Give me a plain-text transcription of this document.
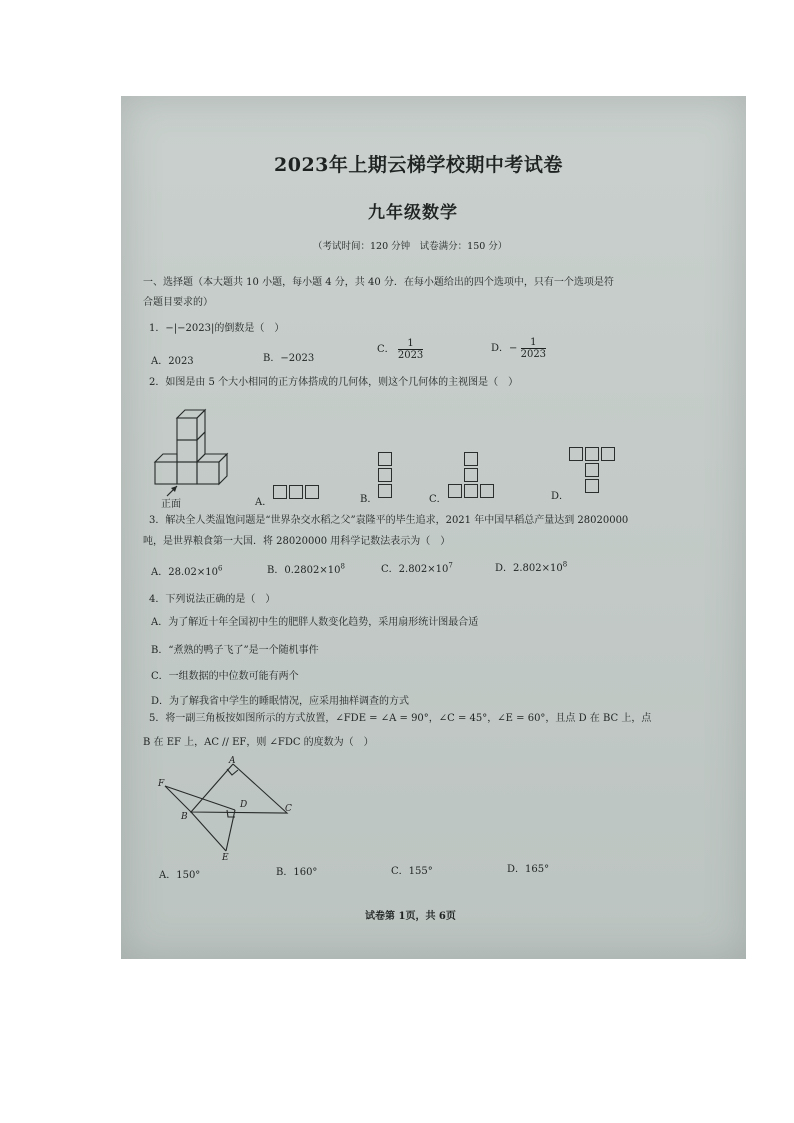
2023年上期云梯学校期中考试卷
九年级数学
（考试时间：120 分钟　试卷满分：150 分）
一、选择题（本大题共 10 小题，每小题 4 分，共 40 分．在每小题给出的四个选项中，只有一个选项是符
合题目要求的）
1．−|−2023|的倒数是（　）
A．2023	B．−2023
C． $\frac{1}{2023}$	D．− $\frac{1}{2023}$
2．如图是由 5 个大小相同的正方体搭成的几何体，则这个几何体的主视图是（　）
正面	A．	B．	C．	D．
3．解决全人类温饱问题是“世界杂交水稻之父”袁隆平的毕生追求，2021 年中国早稻总产量达到 28020000
吨，是世界粮食第一大国．将 28020000 用科学记数法表示为（　）
A．$28.02\times 10^6$	B．$0.2802\times 10^8$	C．$2.802\times 10^7$	D．$2.802\times 10^8$
4．下列说法正确的是（　）
A．为了解近十年全国初中生的肥胖人数变化趋势，采用扇形统计图最合适
B．“煮熟的鸭子飞了”是一个随机事件
C．一组数据的中位数可能有两个
D．为了解我省中学生的睡眠情况，应采用抽样调查的方式
5．将一副三角板按如图所示的方式放置，∠FDE = ∠A = 90°，∠C = 45°，∠E = 60°，且点 D 在 BC 上，点
B 在 EF 上，AC // EF，则 ∠FDC 的度数为（　）
A
F
D	C
B
E
A．150°	B．160°	C．155°	D．165°
试卷第 1页，共 6页
